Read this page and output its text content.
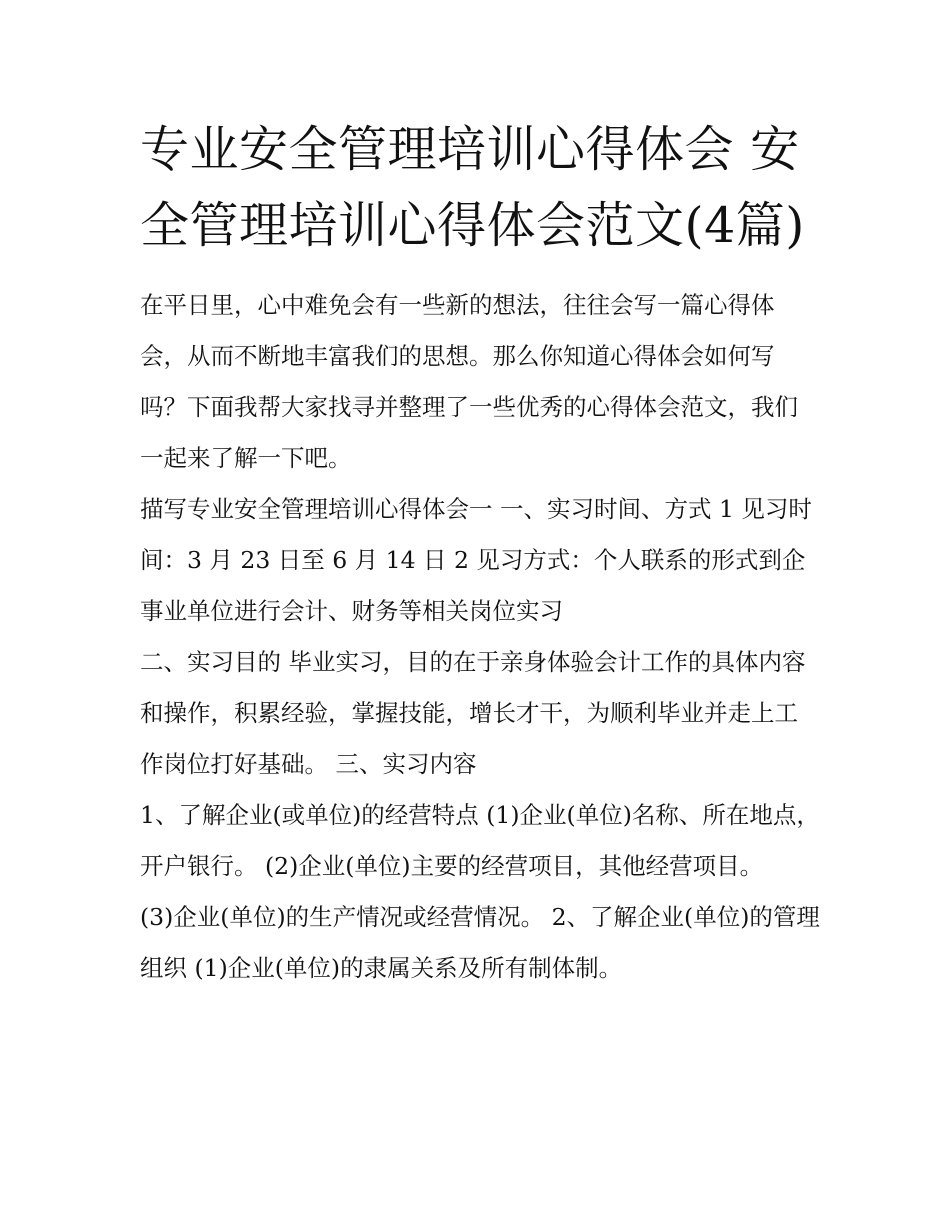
专业安全管理培训心得体会 安全管理培训心得体会范文(4篇)

在平日里，心中难免会有一些新的想法，往往会写一篇心得体会，从而不断地丰富我们的思想。那么你知道心得体会如何写吗？下面我帮大家找寻并整理了一些优秀的心得体会范文，我们一起来了解一下吧。

描写专业安全管理培训心得体会一 一、实习时间、方式 1 见习时间：3 月 23 日至 6 月 14 日 2 见习方式：个人联系的形式到企事业单位进行会计、财务等相关岗位实习

二、实习目的 毕业实习，目的在于亲身体验会计工作的具体内容和操作，积累经验，掌握技能，增长才干，为顺利毕业并走上工作岗位打好基础。 三、实习内容

1、了解企业(或单位)的经营特点 (1)企业(单位)名称、所在地点，开户银行。 (2)企业(单位)主要的经营项目，其他经营项目。

(3)企业(单位)的生产情况或经营情况。 2、了解企业(单位)的管理组织 (1)企业(单位)的隶属关系及所有制体制。
